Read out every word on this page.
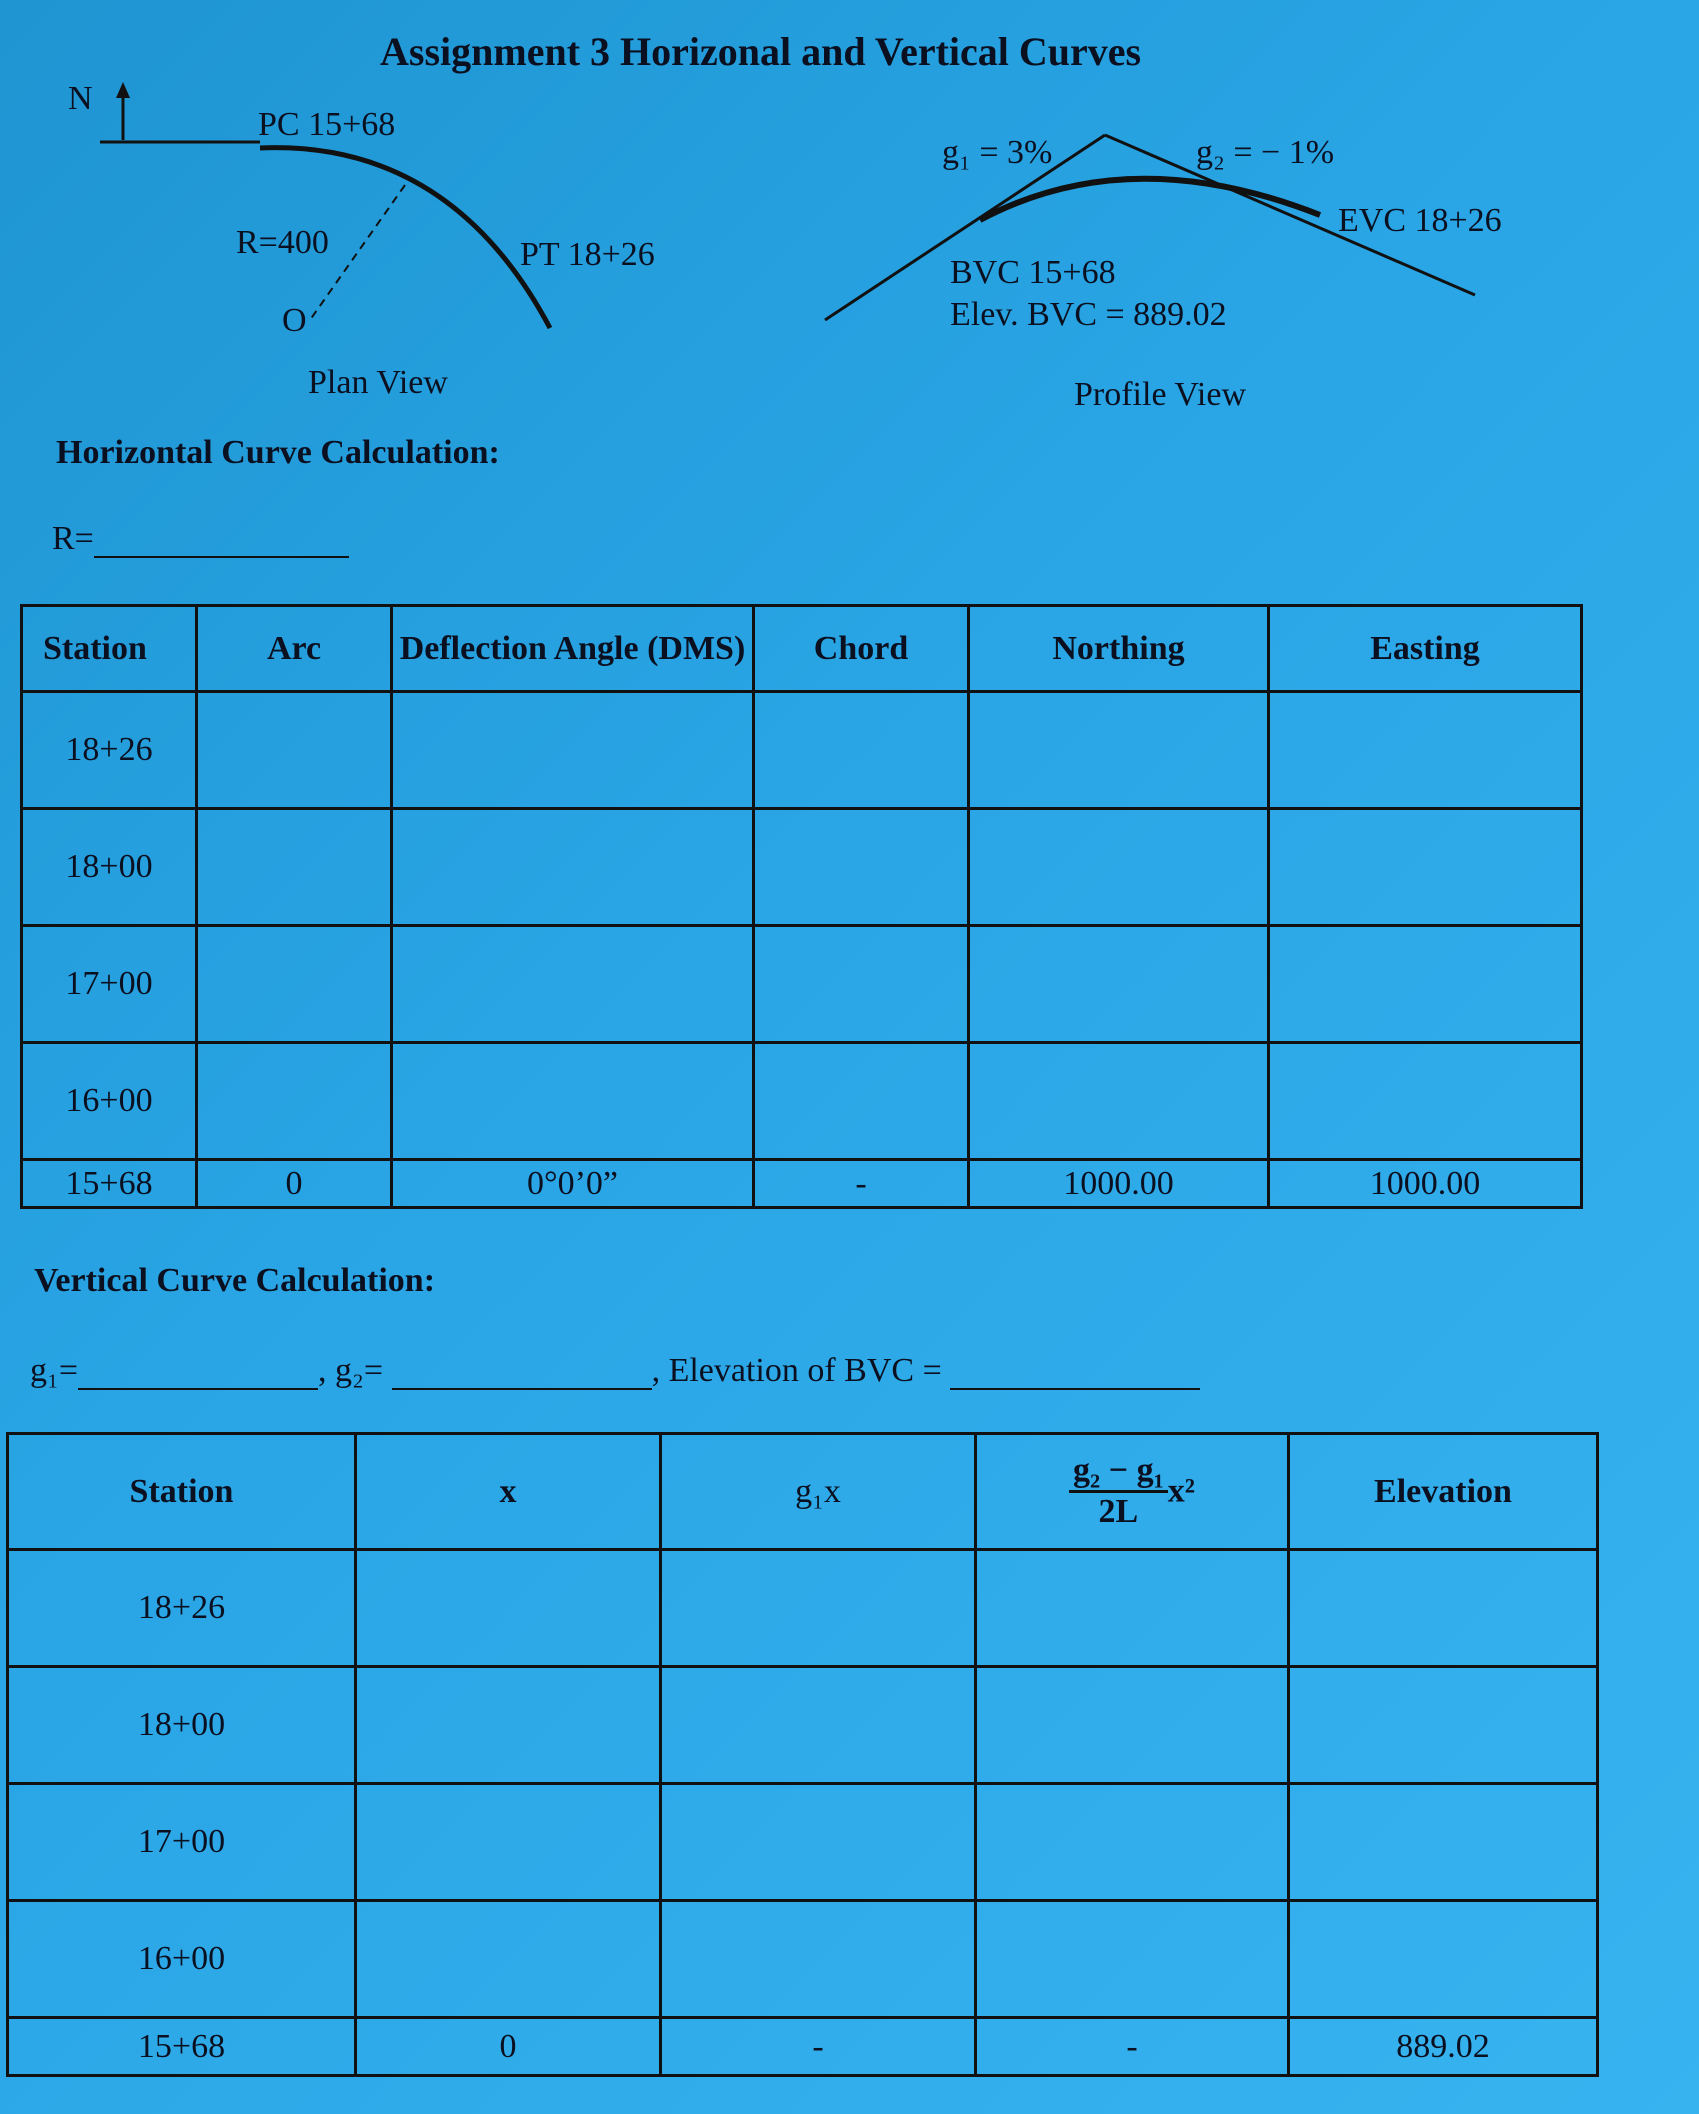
Assignment 3 Horizonal and Vertical Curves
N
PC 15+68
R=400
O
PT 18+26
Plan View
g₁ = 3%	g₂ = − 1%
EVC 18+26
BVC 15+68
Elev. BVC = 889.02
Profile View
Horizontal Curve Calculation:
R=
Station	Arc	Deflection Angle (DMS)	Chord	Northing	Easting
18+26					
18+00					
17+00					
16+00					
15+68	0	0°0’0”	-	1000.00	1000.00
Vertical Curve Calculation:
g₁=	, g₂=	, Elevation of BVC =
Station	x	g₁x	$\frac{\text{g₂ − g₁}}{2L} x^2$	Elevation
18+26				
18+00				
17+00				
16+00				
15+68	0	-	-	889.02
